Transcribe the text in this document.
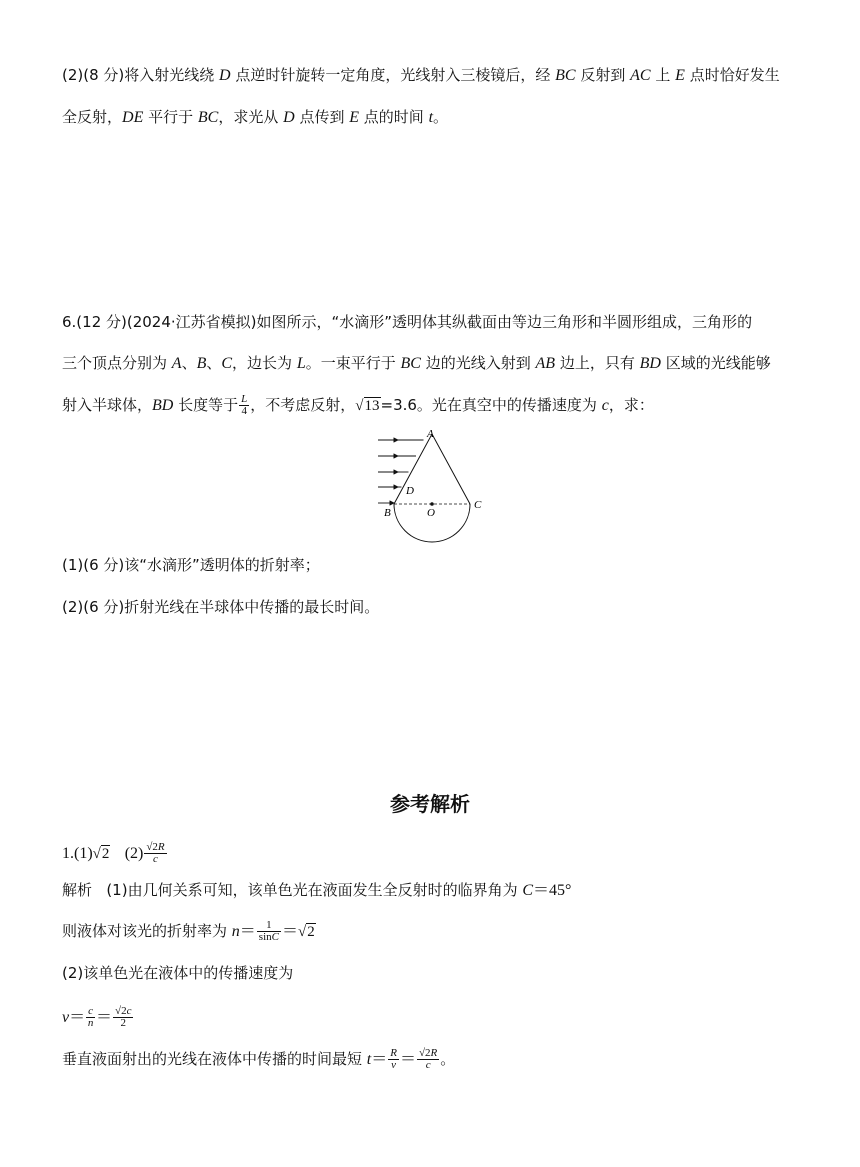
(2)(8 分)将入射光线绕 D 点逆时针旋转一定角度，光线射入三棱镜后，经 BC 反射到 AC 上 E 点时恰好发生
全反射，DE 平行于 BC，求光从 D 点传到 E 点的时间 t。
6.(12 分)(2024·江苏省模拟)如图所示，“水滴形”透明体其纵截面由等边三角形和半圆形组成，三角形的
三个顶点分别为 A、B、C，边长为 L。一束平行于 BC 边的光线入射到 AB 边上，只有 BD 区域的光线能够
射入半球体，BD 长度等于 $\frac{L}{4}$ ，不考虑反射，√13=3.6。光在真空中的传播速度为 c，求：
A
D
B	O
C
(1)(6 分)该“水滴形”透明体的折射率；
(2)(6 分)折射光线在半球体中传播的最长时间。
参考解析
1.(1)√2 $(2) \frac{√2R}{c}$
解析 (1)由几何关系可知，该单色光在液面发生全反射时的临界角为 C＝45°
则液体对该光的折射率为 $n= \frac{1}{\sin C} =√2$
(2)该单色光在液体中的传播速度为
$v= \frac{c}{n}= \frac{√2c}{2}$
垂直液面射出的光线在液体中传播的时间最短 $t= \frac{R}{v}= \frac{√2R}{c}$。
